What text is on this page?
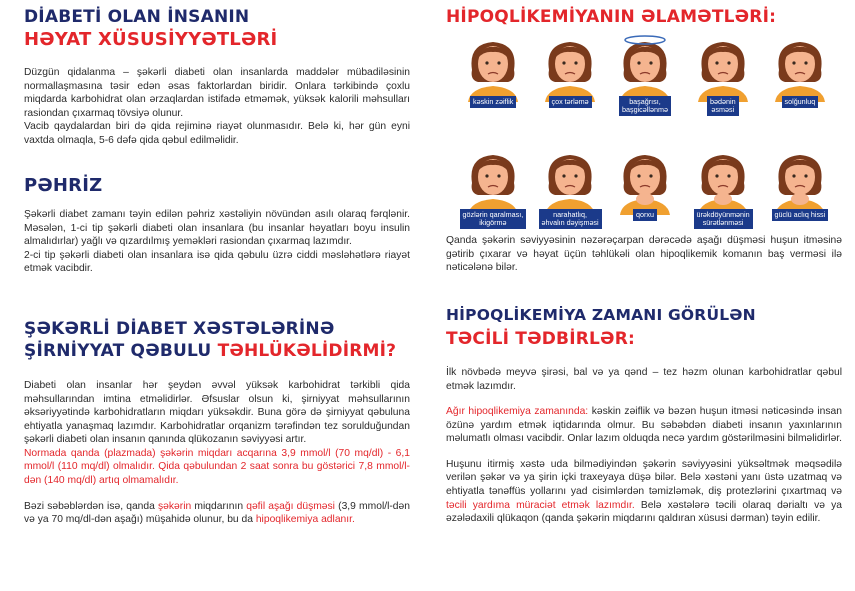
DİABETİ OLAN İNSANIN
HƏYAT XÜSUSİYYƏTLƏRİ

Düzgün qidalanma – şəkərli diabeti olan insanlarda maddələr mübadiləsinin normallaşmasına təsir edən əsas faktorlardan biridir. Onlara tərkibində çoxlu miqdarda karbohidrat olan ərzaqlardan istifadə etməmək, yüksək kalorili məhsulları rasiondan çıxarmaq tövsiyə olunur.

Vacib qaydalardan biri də qida rejiminə riayət olunmasıdır. Belə ki, hər gün eyni vaxtda olmaqla, 5-6 dəfə qida qəbul edilməlidir.

PƏHRİZ

Şəkərli diabet zamanı təyin edilən pəhriz xəstəliyin növündən asılı olaraq fərqlənir. Məsələn, 1-ci tip şəkərli diabeti olan insanlara (bu insanlar həyatları boyu insulin almalıdırlar) yağlı və qızardılmış yeməkləri rasiondan çıxarmaq lazımdır.

2-ci tip şəkərli diabeti olan insanlara isə qida qəbulu üzrə ciddi məsləhətlərə riayət etmək vacibdir.

ŞƏKƏRLİ DİABET XƏSTƏLƏRİNƏ
ŞİRNİYYAT QƏBULU TƏHLÜKƏLİDİRMİ?

Diabeti olan insanlar hər şeydən əvvəl yüksək karbohidrat tərkibli qida məhsullarından imtina etməlidirlər. Əfsuslar olsun ki, şirniyyat məhsullarının əksəriyyətində karbohidratların miqdarı yüksəkdir. Buna görə də şirniyyat qəbuluna ehtiyatla yanaşmaq lazımdır. Karbohidratlar orqanizm tərəfindən tez sorulduğundan şəkərli diabeti olan insanın qanında qlükozanın səviyyəsi artır.

Normada qanda (plazmada) şəkərin miqdarı acqarına 3,9 mmol/l (70 mq/dl) - 6,1 mmol/l (110 mq/dl) olmalıdır. Qida qəbulundan 2 saat sonra bu göstərici 7,8 mmol/l-dən (140 mq/dl) artıq olmamalıdır.

Bəzi səbəblərdən isə, qanda şəkərin miqdarının qəfil aşağı düşməsi (3,9 mmol/l-dən və ya 70 mq/dl-dən aşağı) müşahidə olunur, bu da hipoqlikemiya adlanır.

HİPOQLİKEMİYANIN ƏLAMƏTLƏRİ:
kəskin zəiflik	çox tərləmə	başağrısı,
başgicəllənmə
bədənin
əsməsi
solğunluq
gözlərin qaralması,
ikigörmə
narahatlıq,
əhvalın dəyişməsi
qorxu	ürəkdöyünmənin
sürətlənməsi
güclü aclıq hissi

Qanda şəkərin səviyyəsinin nəzərəçarpan dərəcədə aşağı düşməsi huşun itməsinə gətirib çıxarar və həyat üçün təhlükəli olan hipoqlikemik komanın baş verməsi ilə nəticələnə bilər.

HİPOQLİKEMİYA ZAMANI GÖRÜLƏN
TƏCİLİ TƏDBİRLƏR:

İlk növbədə meyvə şirəsi, bal və ya qənd – tez həzm olunan karbohidratlar qəbul etmək lazımdır.

Ağır hipoqlikemiya zamanında: kəskin zəiflik və bəzən huşun itməsi nəticəsində insan özünə yardım etmək iqtidarında olmur. Bu səbəbdən diabeti insanın yaxınlarının məlumatlı olması vacibdir. Onlar lazım olduqda necə yardım göstərilməsini bilməlidirlər.

Huşunu itirmiş xəstə uda bilmədiyindən şəkərin səviyyəsini yüksəltmək məqsədilə verilən şəkər və ya şirin içki traxeyaya düşə bilər. Belə xəstəni yanı üstə uzatmaq və ehtiyatla tənəffüs yollarını yad cisimlərdən təmizləmək, diş protezlərini çıxartmaq və təcili yardıma müraciət etmək lazımdır. Belə xəstələrə təcili olaraq dərialtı və ya əzələdaxili qlükaqon (qanda şəkərin miqdarını qaldıran xüsusi dərman) təyin edilir.
